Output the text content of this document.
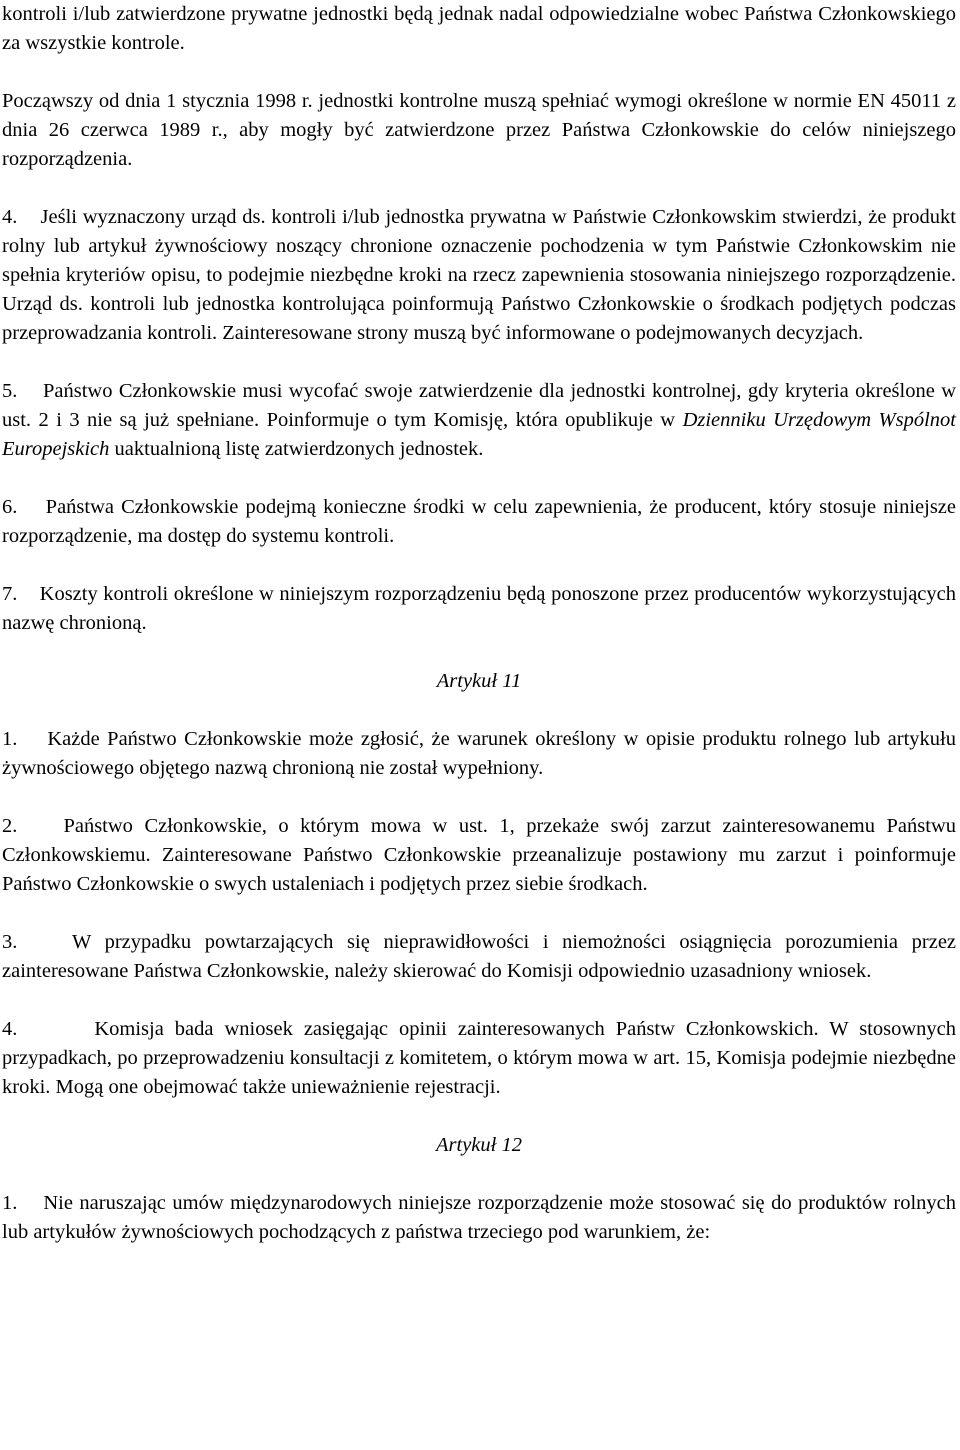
kontroli i/lub zatwierdzone prywatne jednostki będą jednak nadal odpowiedzialne wobec Państwa Członkowskiego za wszystkie kontrole.

Począwszy od dnia 1 stycznia 1998 r. jednostki kontrolne muszą spełniać wymogi określone w normie EN 45011 z dnia 26 czerwca 1989 r., aby mogły być zatwierdzone przez Państwa Członkowskie do celów niniejszego rozporządzenia.

4. Jeśli wyznaczony urząd ds. kontroli i/lub jednostka prywatna w Państwie Członkowskim stwierdzi, że produkt rolny lub artykuł żywnościowy noszący chronione oznaczenie pochodzenia w tym Państwie Członkowskim nie spełnia kryteriów opisu, to podejmie niezbędne kroki na rzecz zapewnienia stosowania niniejszego rozporządzenie. Urząd ds. kontroli lub jednostka kontrolująca poinformują Państwo Członkowskie o środkach podjętych podczas przeprowadzania kontroli. Zainteresowane strony muszą być informowane o podejmowanych decyzjach.

5. Państwo Członkowskie musi wycofać swoje zatwierdzenie dla jednostki kontrolnej, gdy kryteria określone w ust. 2 i 3 nie są już spełniane. Poinformuje o tym Komisję, która opublikuje w Dzienniku Urzędowym Wspólnot Europejskich uaktualnioną listę zatwierdzonych jednostek.

6. Państwa Członkowskie podejmą konieczne środki w celu zapewnienia, że producent, który stosuje niniejsze rozporządzenie, ma dostęp do systemu kontroli.

7. Koszty kontroli określone w niniejszym rozporządzeniu będą ponoszone przez producentów wykorzystujących nazwę chronioną.

Artykuł 11

1. Każde Państwo Członkowskie może zgłosić, że warunek określony w opisie produktu rolnego lub artykułu żywnościowego objętego nazwą chronioną nie został wypełniony.

2. Państwo Członkowskie, o którym mowa w ust. 1, przekaże swój zarzut zainteresowanemu Państwu Członkowskiemu. Zainteresowane Państwo Członkowskie przeanalizuje postawiony mu zarzut i poinformuje Państwo Członkowskie o swych ustaleniach i podjętych przez siebie środkach.

3.	W przypadku powtarzających się nieprawidłowości i niemożności osiągnięcia porozumienia przez zainteresowane Państwa Członkowskie, należy skierować do Komisji odpowiednio uzasadniony wniosek.

4.	Komisja bada wniosek zasięgając opinii zainteresowanych Państw Członkowskich. W stosownych przypadkach, po przeprowadzeniu konsultacji z komitetem, o którym mowa w art. 15, Komisja podejmie niezbędne kroki. Mogą one obejmować także unieważnienie rejestracji.

Artykuł 12

1. Nie naruszając umów międzynarodowych niniejsze rozporządzenie może stosować się do produktów rolnych lub artykułów żywnościowych pochodzących z państwa trzeciego pod warunkiem, że:
